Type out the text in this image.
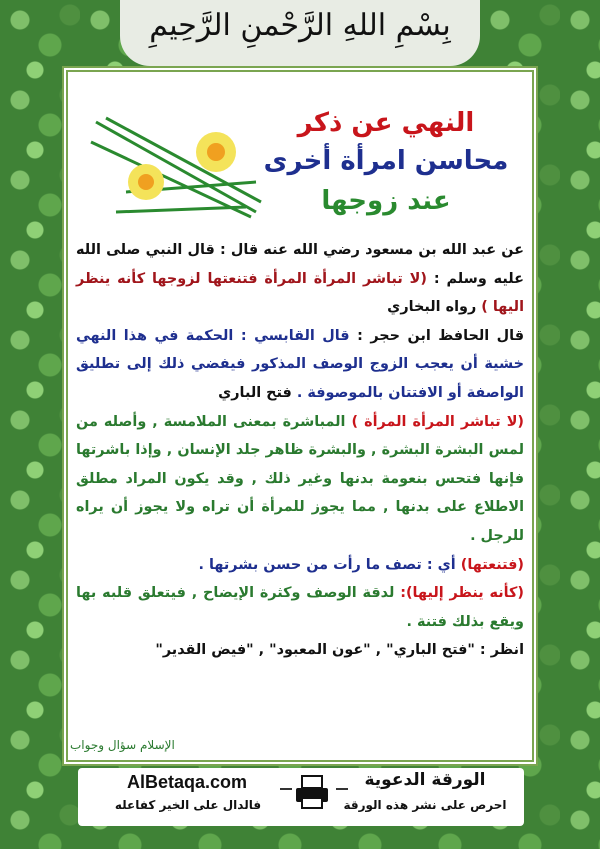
بِسْمِ اللهِ الرَّحْمنِ الرَّحِيمِ
النهي عن ذكر
محاسن امرأة أخرى
عند زوجها
عن عبد الله بن مسعود رضي الله عنه قال : قال النبي صلى الله عليه وسلم : (لا تباشر المرأة المرأة فتنعتها لزوجها كأنه ينظر اليها ) رواه البخاري
قال الحافظ ابن حجر : قال القابسي : الحكمة في هذا النهي خشية أن يعجب الزوج الوصف المذكور فيفضي ذلك إلى تطليق الواصفة أو الافتتان بالموصوفة . فتح الباري
(لا تباشر المرأة المرأة ) المباشرة بمعنى الملامسة , وأصله من لمس البشرة البشرة , والبشرة ظاهر جلد الإنسان , وإذا باشرتها فإنها فتحس بنعومة بدنها وغير ذلك , وقد يكون المراد مطلق الاطلاع على بدنها , مما يجوز للمرأة أن تراه ولا يجوز أن يراه للرجل .
(فتنعتها) أي : تصف ما رأت من حسن بشرتها .
(كأنه ينظر إليها): لدقة الوصف وكثرة الإيضاح , فيتعلق قلبه بها ويقع بذلك فتنة .
انظر : "فتح الباري" , "عون المعبود" , "فيض القدير"
الإسلام سؤال وجواب
AlBetaqa.com
فالدال على الخير كفاعله
الورقة الدعوية
احرص على نشر هذه الورقة
